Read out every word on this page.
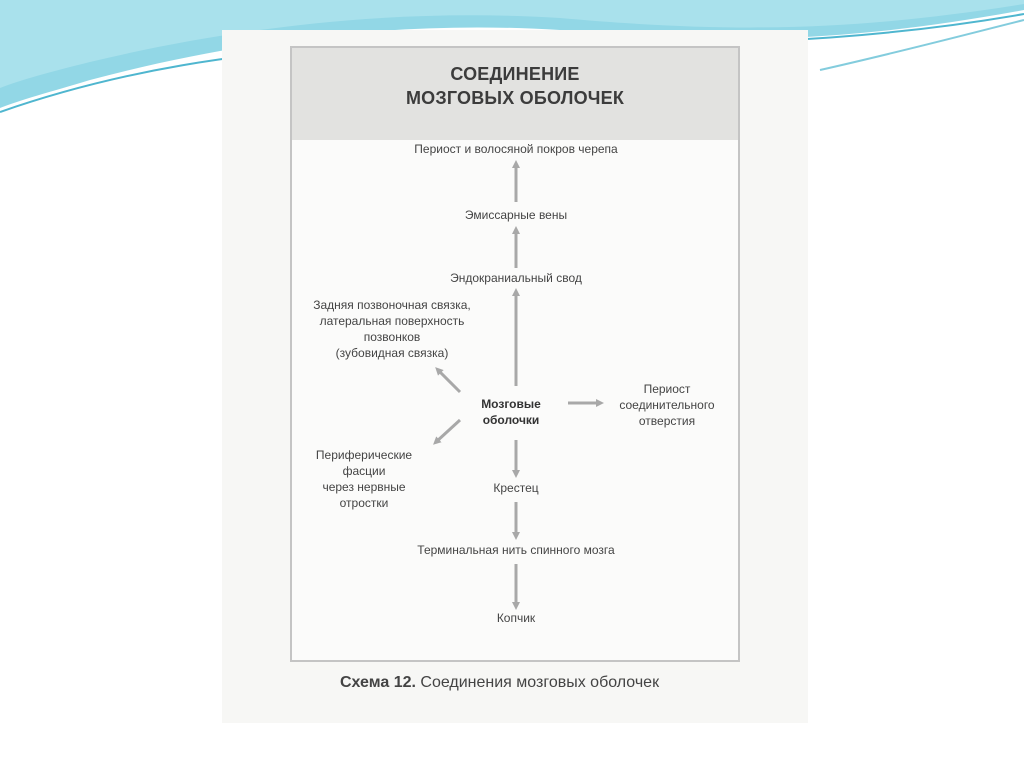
СОЕДИНЕНИЕ
МОЗГОВЫХ ОБОЛОЧЕК
Периост и волосяной покров черепа
Эмиссарные вены
Эндокраниальный свод
Задняя позвоночная связка,
латеральная поверхность
позвонков
(зубовидная связка)
Мозговые
оболочки
Периост
соединительного
отверстия
Периферические
фасции
через нервные
отростки
Крестец
Терминальная нить спинного мозга
Копчик
Схема 12. Соединения мозговых оболочек
